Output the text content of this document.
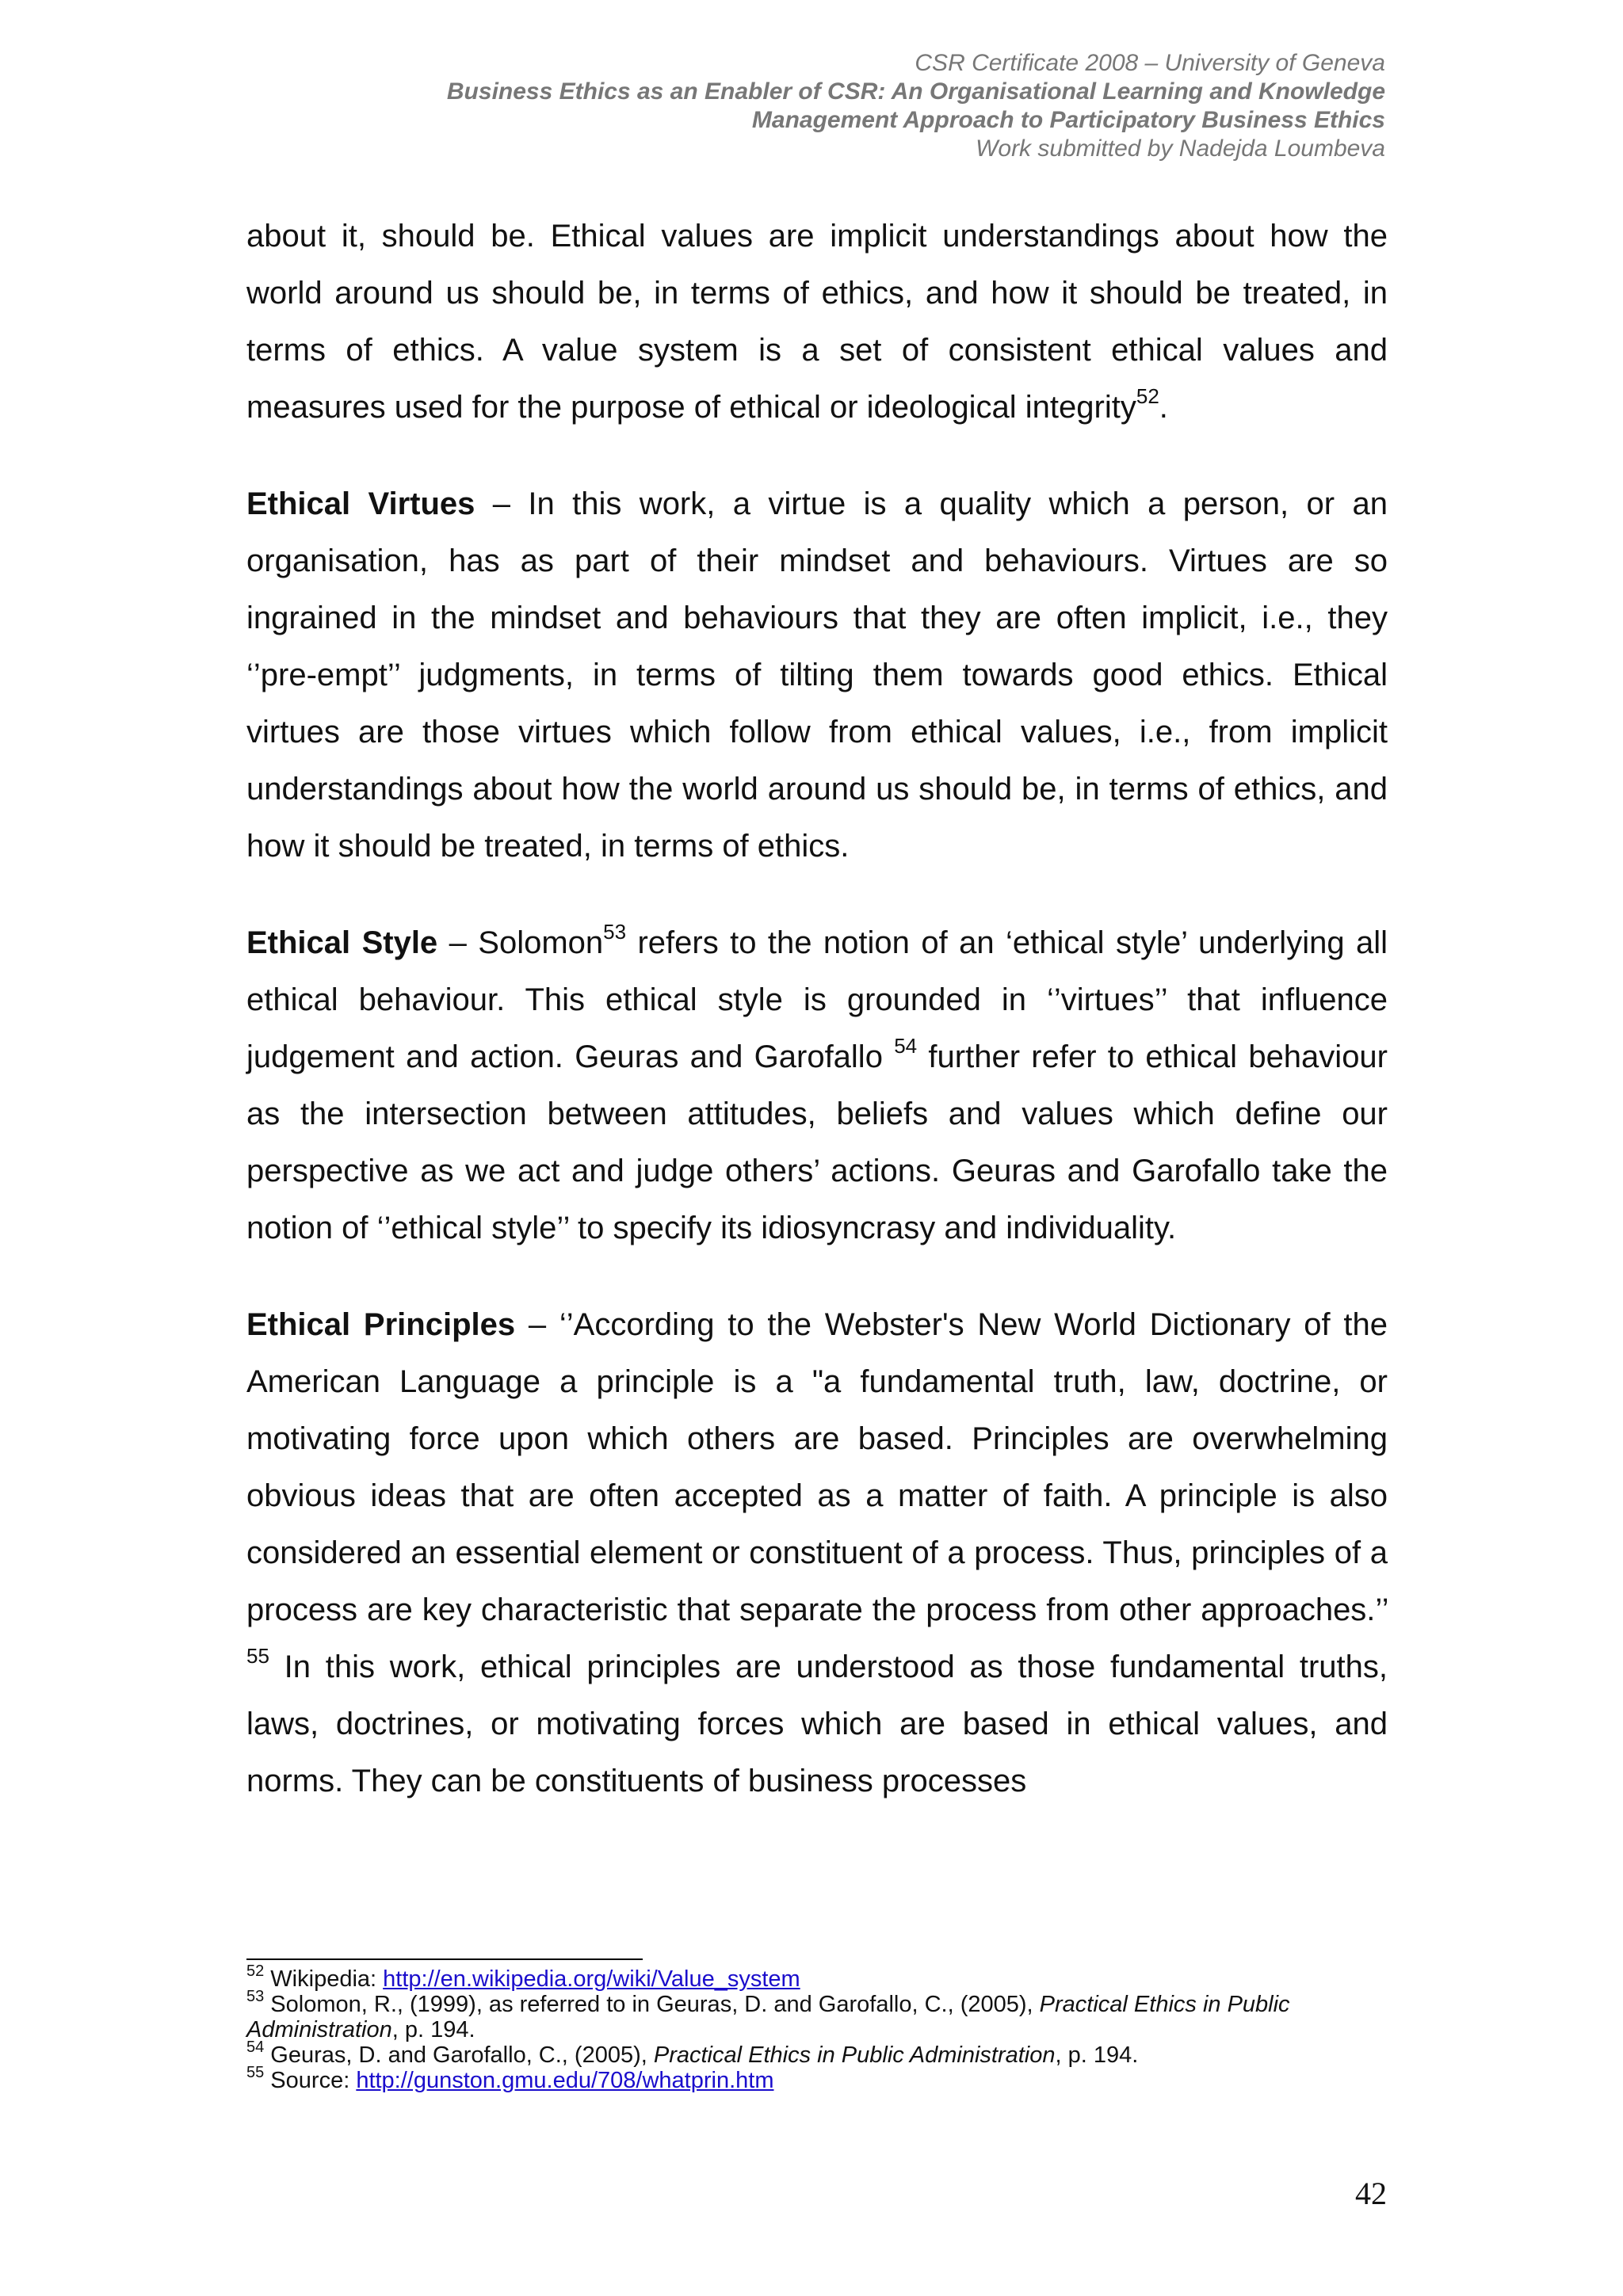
CSR Certificate 2008 – University of Geneva
Business Ethics as an Enabler of CSR: An Organisational Learning and Knowledge
Management Approach to Participatory Business Ethics
Work submitted by Nadejda Loumbeva

about it, should be. Ethical values are implicit understandings about how the world around us should be, in terms of ethics, and how it should be treated, in terms of ethics. A value system is a set of consistent ethical values and measures used for the purpose of ethical or ideological integrity$^{52}$.

Ethical Virtues – In this work, a virtue is a quality which a person, or an organisation, has as part of their mindset and behaviours. Virtues are so ingrained in the mindset and behaviours that they are often implicit, i.e., they ‘’pre-empt’’ judgments, in terms of tilting them towards good ethics. Ethical virtues are those virtues which follow from ethical values, i.e., from implicit understandings about how the world around us should be, in terms of ethics, and how it should be treated, in terms of ethics.

Ethical Style – Solomon$^{53}$ refers to the notion of an ‘ethical style’ underlying all ethical behaviour. This ethical style is grounded in ‘’virtues’’ that influence judgement and action. Geuras and Garofallo $^{54}$ further refer to ethical behaviour as the intersection between attitudes, beliefs and values which define our perspective as we act and judge others’ actions. Geuras and Garofallo take the notion of ‘’ethical style’’ to specify its idiosyncrasy and individuality.

Ethical Principles – ‘’According to the Webster's New World Dictionary of the American Language a principle is a "a fundamental truth, law, doctrine, or motivating force upon which others are based. Principles are overwhelming obvious ideas that are often accepted as a matter of faith. A principle is also considered an essential element or constituent of a process. Thus, principles of a process are key characteristic that separate the process from other approaches.’’ $^{55}$ In this work, ethical principles are understood as those fundamental truths, laws, doctrines, or motivating forces which are based in ethical values, and norms. They can be constituents of business processes

$^{52}$ Wikipedia: http://en.wikipedia.org/wiki/Value_system
$^{53}$ Solomon, R., (1999), as referred to in Geuras, D. and Garofallo, C., (2005), Practical Ethics in Public Administration, p. 194.
$^{54}$ Geuras, D. and Garofallo, C., (2005), Practical Ethics in Public Administration, p. 194.
$^{55}$ Source: http://gunston.gmu.edu/708/whatprin.htm
42
